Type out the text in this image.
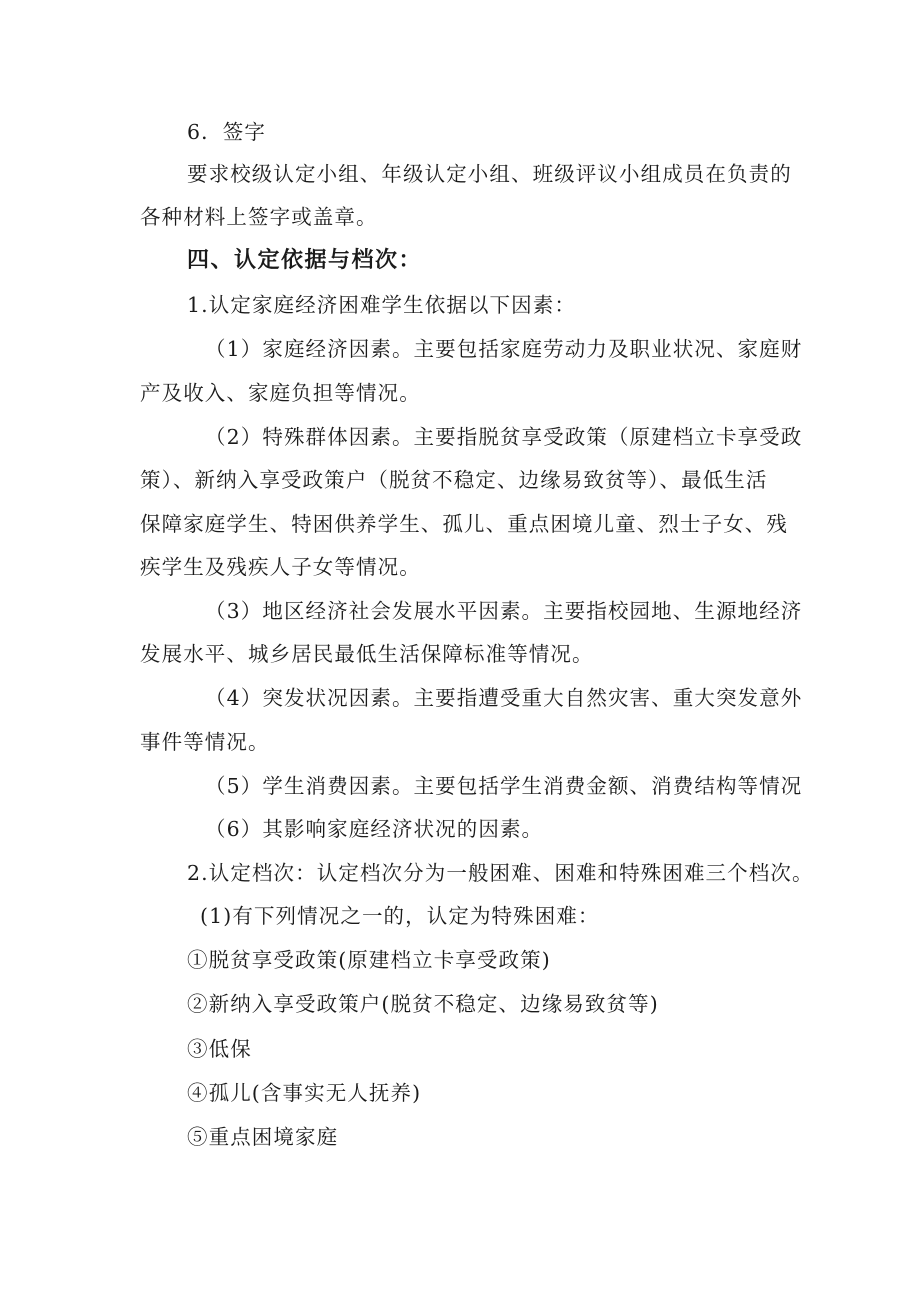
6．签字
要求校级认定小组、年级认定小组、班级评议小组成员在负责的
各种材料上签字或盖章。
四、认定依据与档次：
1.认定家庭经济困难学生依据以下因素：
（1）家庭经济因素。主要包括家庭劳动力及职业状况、家庭财
产及收入、家庭负担等情况。
（2）特殊群体因素。主要指脱贫享受政策（原建档立卡享受政
策）、新纳入享受政策户（脱贫不稳定、边缘易致贫等）、最低生活
保障家庭学生、特困供养学生、孤儿、重点困境儿童、烈士子女、残
疾学生及残疾人子女等情况。
（3）地区经济社会发展水平因素。主要指校园地、生源地经济
发展水平、城乡居民最低生活保障标准等情况。
（4）突发状况因素。主要指遭受重大自然灾害、重大突发意外
事件等情况。
（5）学生消费因素。主要包括学生消费金额、消费结构等情况
（6）其影响家庭经济状况的因素。
2.认定档次：认定档次分为一般困难、困难和特殊困难三个档次。
(1)有下列情况之一的，认定为特殊困难：
①脱贫享受政策(原建档立卡享受政策)
②新纳入享受政策户(脱贫不稳定、边缘易致贫等)
③低保
④孤儿(含事实无人抚养)
⑤重点困境家庭
